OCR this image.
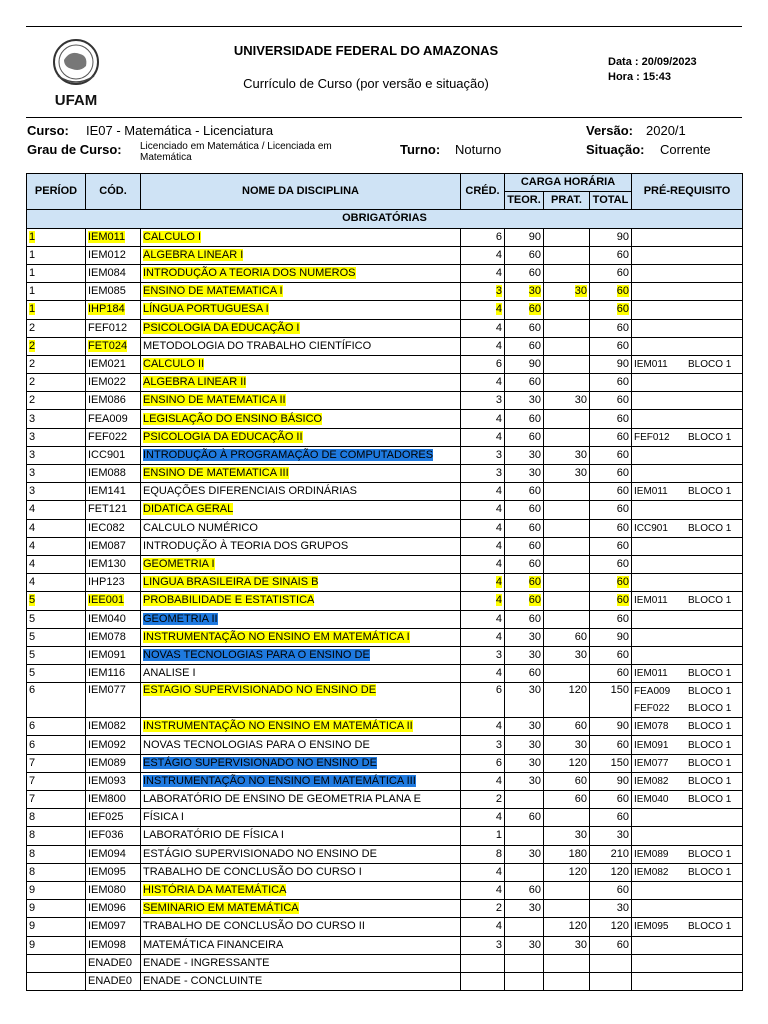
UFAM
UNIVERSIDADE FEDERAL DO AMAZONAS
Currículo de Curso (por versão e situação)
Data : 20/09/2023
Hora : 15:43
Curso: IE07 - Matemática - Licenciatura	Versão: 2020/1
Grau de Curso: Licenciado em Matemática / Licenciada em Matemática
Turno: Noturno	Situação: Corrente
PERÍOD	CÓD.	NOME DA DISCIPLINA	CRÉD.	CARGA HORÁRIA			PRÉ-REQUISITO
				TEOR.	PRAT.	TOTAL	
OBRIGATÓRIAS							
1	IEM011	CALCULO I	6	90		90	
1	IEM012	ALGEBRA LINEAR I	4	60		60	
1	IEM084	INTRODUÇÃO A TEORIA DOS NUMEROS	4	60		60	
1	IEM085	ENSINO DE MATEMATICA I	3	30	30	60	
1	IHP184	LÍNGUA PORTUGUESA I	4	60		60	
2	FEF012	PSICOLOGIA DA EDUCAÇÃO I	4	60		60	
2	FET024	METODOLOGIA DO TRABALHO CIENTÍFICO	4	60		60	
2	IEM021	CALCULO II	6	90		90	IEM011 BLOCO 1

2	IEM022	ALGEBRA LINEAR II	4	60		60	
2	IEM086	ENSINO DE MATEMATICA II	3	30	30	60	
3	FEA009	LEGISLAÇÃO DO ENSINO BÁSICO	4	60		60	
3	FEF022	PSICOLOGIA DA EDUCAÇÃO II	4	60		60	FEF012 BLOCO 1

3	ICC901	INTRODUÇÃO À PROGRAMAÇÃO DE COMPUTADORES	3	30	30	60	
3	IEM088	ENSINO DE MATEMATICA III	3	30	30	60	
3	IEM141	EQUAÇÕES DIFERENCIAIS ORDINÁRIAS	4	60		60	IEM011 BLOCO 1

4	FET121	DIDATICA GERAL	4	60		60	
4	IEC082	CALCULO NUMÉRICO	4	60		60	ICC901 BLOCO 1

4	IEM087	INTRODUÇÃO À TEORIA DOS GRUPOS	4	60		60	
4	IEM130	GEOMETRIA I	4	60		60	
4	IHP123	LINGUA BRASILEIRA DE SINAIS B	4	60		60	
5	IEE001	PROBABILIDADE E ESTATISTICA	4	60		60	IEM011 BLOCO 1

5	IEM040	GEOMETRIA II	4	60		60	
5	IEM078	INSTRUMENTAÇÃO NO ENSINO EM MATEMÁTICA I	4	30	60	90	
5	IEM091	NOVAS TECNOLOGIAS PARA O ENSINO DE	3	30	30	60	
5	IEM116	ANALISE I	4	60		60	IEM011 BLOCO 1

6	IEM077	ESTAGIO SUPERVISIONADO NO ENSINO DE	6	30	120	150	FEA009 BLOCO 1
FEF022 BLOCO 1

6	IEM082	INSTRUMENTAÇÃO NO ENSINO EM MATEMÁTICA II	4	30	60	90	IEM078 BLOCO 1

6	IEM092	NOVAS TECNOLOGIAS PARA O ENSINO DE	3	30	30	60	IEM091 BLOCO 1

7	IEM089	ESTÁGIO SUPERVISIONADO NO ENSINO DE	6	30	120	150	IEM077 BLOCO 1

7	IEM093	INSTRUMENTAÇÃO NO ENSINO EM MATEMÁTICA III	4	30	60	90	IEM082 BLOCO 1

7	IEM800	LABORATÓRIO DE ENSINO DE GEOMETRIA PLANA E	2		60	60	IEM040 BLOCO 1

8	IEF025	FÍSICA I	4	60		60	
8	IEF036	LABORATÓRIO DE FÍSICA I	1		30	30	
8	IEM094	ESTÁGIO SUPERVISIONADO NO ENSINO DE	8	30	180	210	IEM089 BLOCO 1

8	IEM095	TRABALHO DE CONCLUSÃO DO CURSO I	4		120	120	IEM082 BLOCO 1

9	IEM080	HISTÓRIA DA MATEMÁTICA	4	60		60	
9	IEM096	SEMINARIO EM MATEMÁTICA	2	30		30	
9	IEM097	TRABALHO DE CONCLUSÃO DO CURSO II	4		120	120	IEM095 BLOCO 1

9	IEM098	MATEMÁTICA FINANCEIRA	3	30	30	60	
	ENADE0	ENADE - INGRESSANTE					
	ENADE0	ENADE - CONCLUINTE					
